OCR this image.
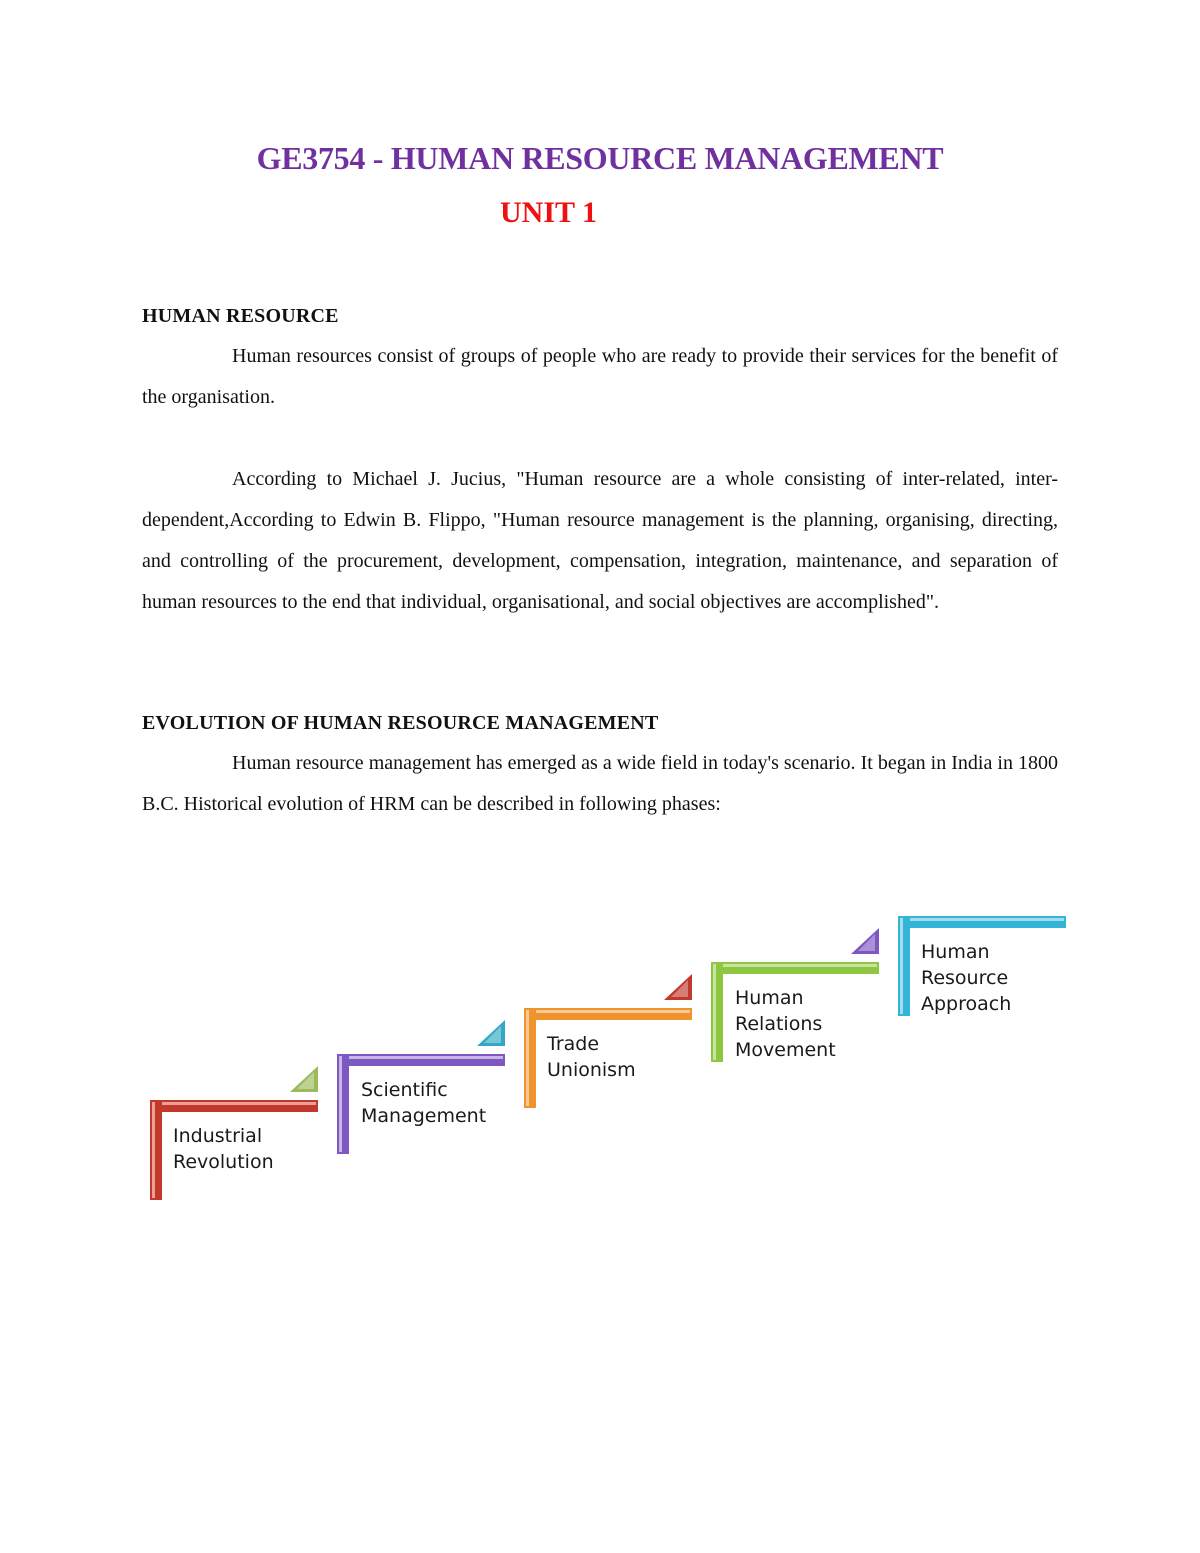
GE3754 - HUMAN RESOURCE MANAGEMENT
UNIT 1
HUMAN RESOURCE

Human resources consist of groups of people who are ready to provide their services for the benefit of the organisation.

According to Michael J. Jucius, "Human resource are a whole consisting of inter-related, inter-dependent,According to Edwin B. Flippo, "Human resource management is the planning, organising, directing, and controlling of the procurement, development, compensation, integration, maintenance, and separation of human resources to the end that individual, organisational, and social objectives are accomplished".

EVOLUTION OF HUMAN RESOURCE MANAGEMENT

Human resource management has emerged as a wide field in today's scenario. It began in India in 1800 B.C. Historical evolution of HRM can be described in following phases:

Industrial
Revolution
Scientific
Management
Trade
Unionism
Human
Relations
Movement
Human
Resource
Approach
